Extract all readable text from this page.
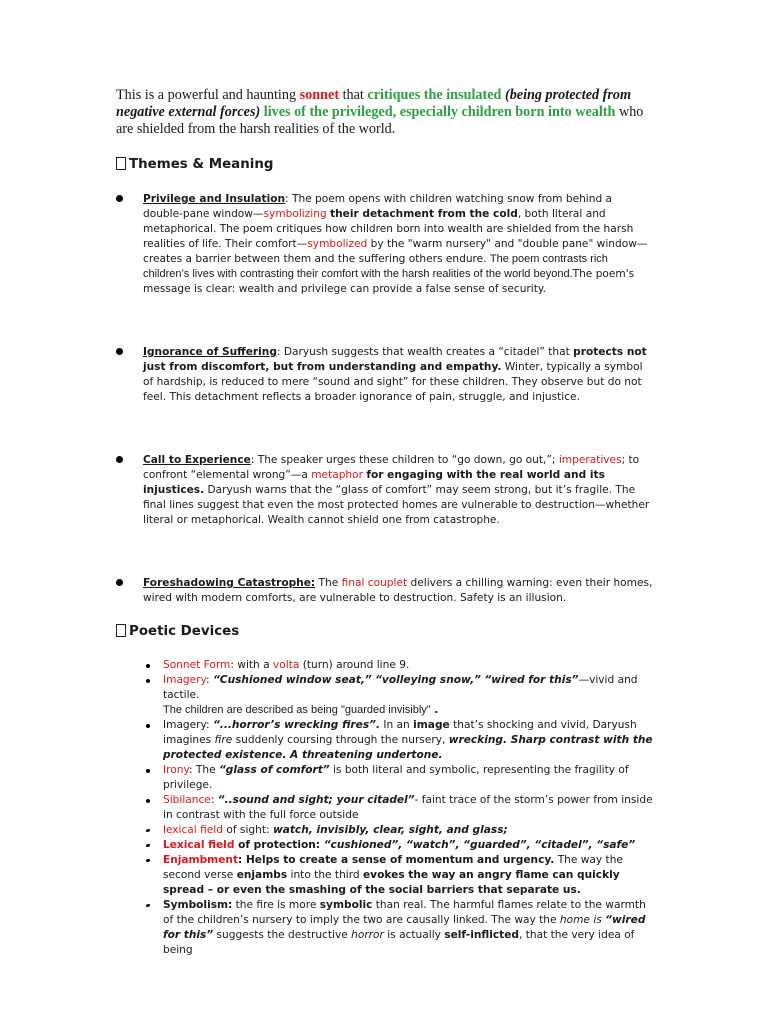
This is a powerful and haunting sonnet that critiques the insulated (being protected from negative external forces) lives of the privileged, especially children born into wealth who are shielded from the harsh realities of the world.
Themes & Meaning
Privilege and Insulation: The poem opens with children watching snow from behind a double-pane window—symbolizing their detachment from the cold, both literal and metaphorical. The poem critiques how children born into wealth are shielded from the harsh realities of life. Their comfort—symbolized by the "warm nursery" and "double pane" window—creates a barrier between them and the suffering others endure. The poem contrasts rich children’s lives with contrasting their comfort with the harsh realities of the world beyond.The poem's message is clear: wealth and privilege can provide a false sense of security.
Ignorance of Suffering: Daryush suggests that wealth creates a “citadel” that protects not just from discomfort, but from understanding and empathy. Winter, typically a symbol of hardship, is reduced to mere “sound and sight” for these children. They observe but do not feel. This detachment reflects a broader ignorance of pain, struggle, and injustice.
Call to Experience: The speaker urges these children to “go down, go out,”; imperatives; to confront “elemental wrong”—a metaphor for engaging with the real world and its injustices. Daryush warns that the “glass of comfort” may seem strong, but it’s fragile. The final lines suggest that even the most protected homes are vulnerable to destruction—whether literal or metaphorical. Wealth cannot shield one from catastrophe.
Foreshadowing Catastrophe: The final couplet delivers a chilling warning: even their homes, wired with modern comforts, are vulnerable to destruction. Safety is an illusion.
Poetic Devices
Sonnet Form: with a volta (turn) around line 9.
Imagery: “Cushioned window seat,” “volleying snow,” “wired for this”—vivid and tactile.
The children are described as being "guarded invisibly" .
Imagery: “...horror’s wrecking fires”. In an image that’s shocking and vivid, Daryush imagines fire suddenly coursing through the nursery, wrecking. Sharp contrast with the protected existence. A threatening undertone.
Irony: The “glass of comfort” is both literal and symbolic, representing the fragility of privilege.
Sibilance: “..sound and sight; your citadel”- faint trace of the storm’s power from inside in contrast with the full force outside
lexical field of sight: watch, invisibly, clear, sight, and glass;
Lexical field of protection: “cushioned”, “watch”, “guarded”, “citadel”, “safe”
Enjambment: Helps to create a sense of momentum and urgency. The way the second verse enjambs into the third evokes the way an angry flame can quickly spread – or even the smashing of the social barriers that separate us.
Symbolism: the fire is more symbolic than real. The harmful flames relate to the warmth of the children’s nursery to imply the two are causally linked. The way the home is “wired for this” suggests the destructive horror is actually self-inflicted, that the very idea of being
